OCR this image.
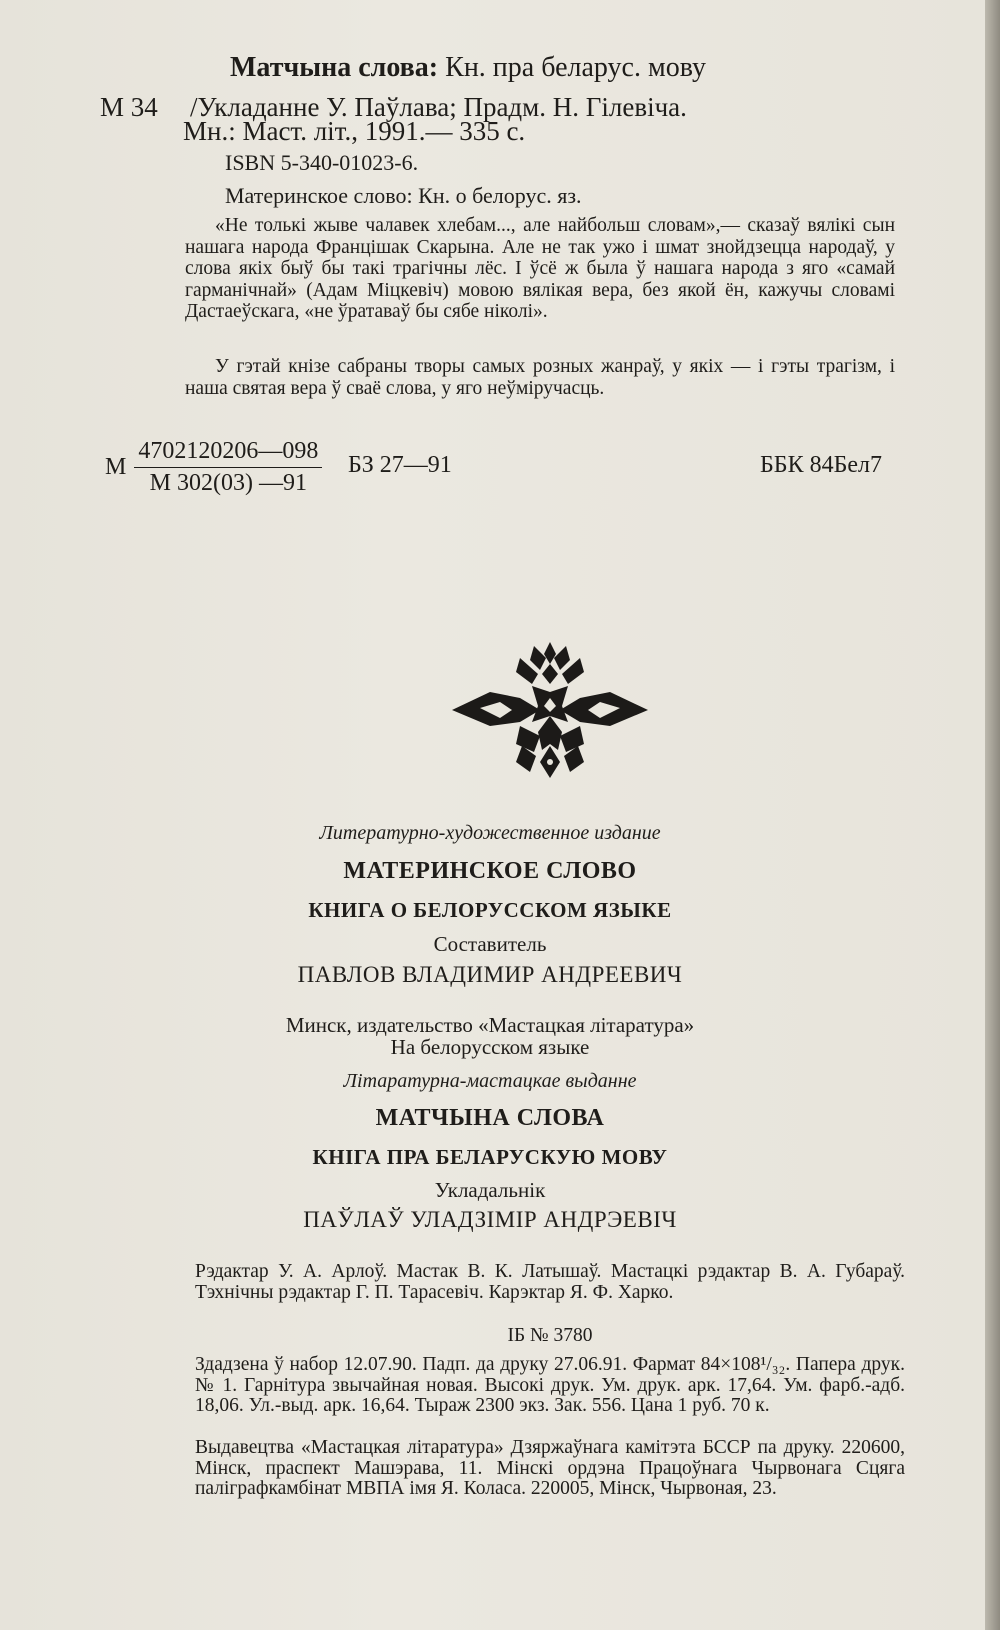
Матчына слова: Кн. пра беларус. мову
М 34 /Укладанне У. Паўлава; Прадм. Н. Гілевіча.
Мн.: Маст. літ., 1991.— 335 с.
ISBN 5-340-01023-6.
Материнское слово: Кн. о белорус. яз.

«Не толькі жыве чалавек хлебам..., але найбольш словам»,— сказаў вялікі сын нашага народа Францішак Скарына. Але не так ужо і шмат знойдзецца народаў, у слова якіх быў бы такі трагічны лёс. І ўсё ж была ў нашага народа з яго «самай гарманічнай» (Адам Міцкевіч) мовою вялікая вера, без якой ён, кажучы словамі Дастаеўскага, «не ўратаваў бы сябе ніколі».

У гэтай кнізе сабраны творы самых розных жанраў, у якіх — і гэты трагізм, і наша святая вера ў сваё слова, у яго неўміручасць.

М $\frac{4702120206—098}{М 302(03) —91}$ БЗ 27—91	ББК 84Бел7
Литературно-художественное издание
МАТЕРИНСКОЕ СЛОВО
КНИГА О БЕЛОРУССКОМ ЯЗЫКЕ
Составитель
ПАВЛОВ ВЛАДИМИР АНДРЕЕВИЧ
Минск, издательство «Мастацкая літаратура»
На белорусском языке
Літаратурна-мастацкае выданне
МАТЧЫНА СЛОВА
КНІГА ПРА БЕЛАРУСКУЮ МОВУ
Укладальнік
ПАЎЛАЎ УЛАДЗІМІР АНДРЭЕВІЧ

Рэдактар У. А. Арлоў. Мастак В. К. Латышаў. Мастацкі рэдактар В. А. Губараў. Тэхнічны рэдактар Г. П. Тарасевіч. Карэктар Я. Ф. Харко.

ІБ № 3780

Здадзена ў набор 12.07.90. Падп. да друку 27.06.91. Фармат 84×108¹/₃₂. Папера друк. № 1. Гарнітура звычайная новая. Высокі друк. Ум. друк. арк. 17,64. Ум. фарб.-адб. 18,06. Ул.-выд. арк. 16,64. Тыраж 2300 экз. Зак. 556. Цана 1 руб. 70 к.

Выдавецтва «Мастацкая літаратура» Дзяржаўнага камітэта БССР па друку. 220600, Мінск, праспект Машэрава, 11. Мінскі ордэна Працоўнага Чырвонага Сцяга паліграфкамбінат МВПА імя Я. Коласа. 220005, Мінск, Чырвоная, 23.
